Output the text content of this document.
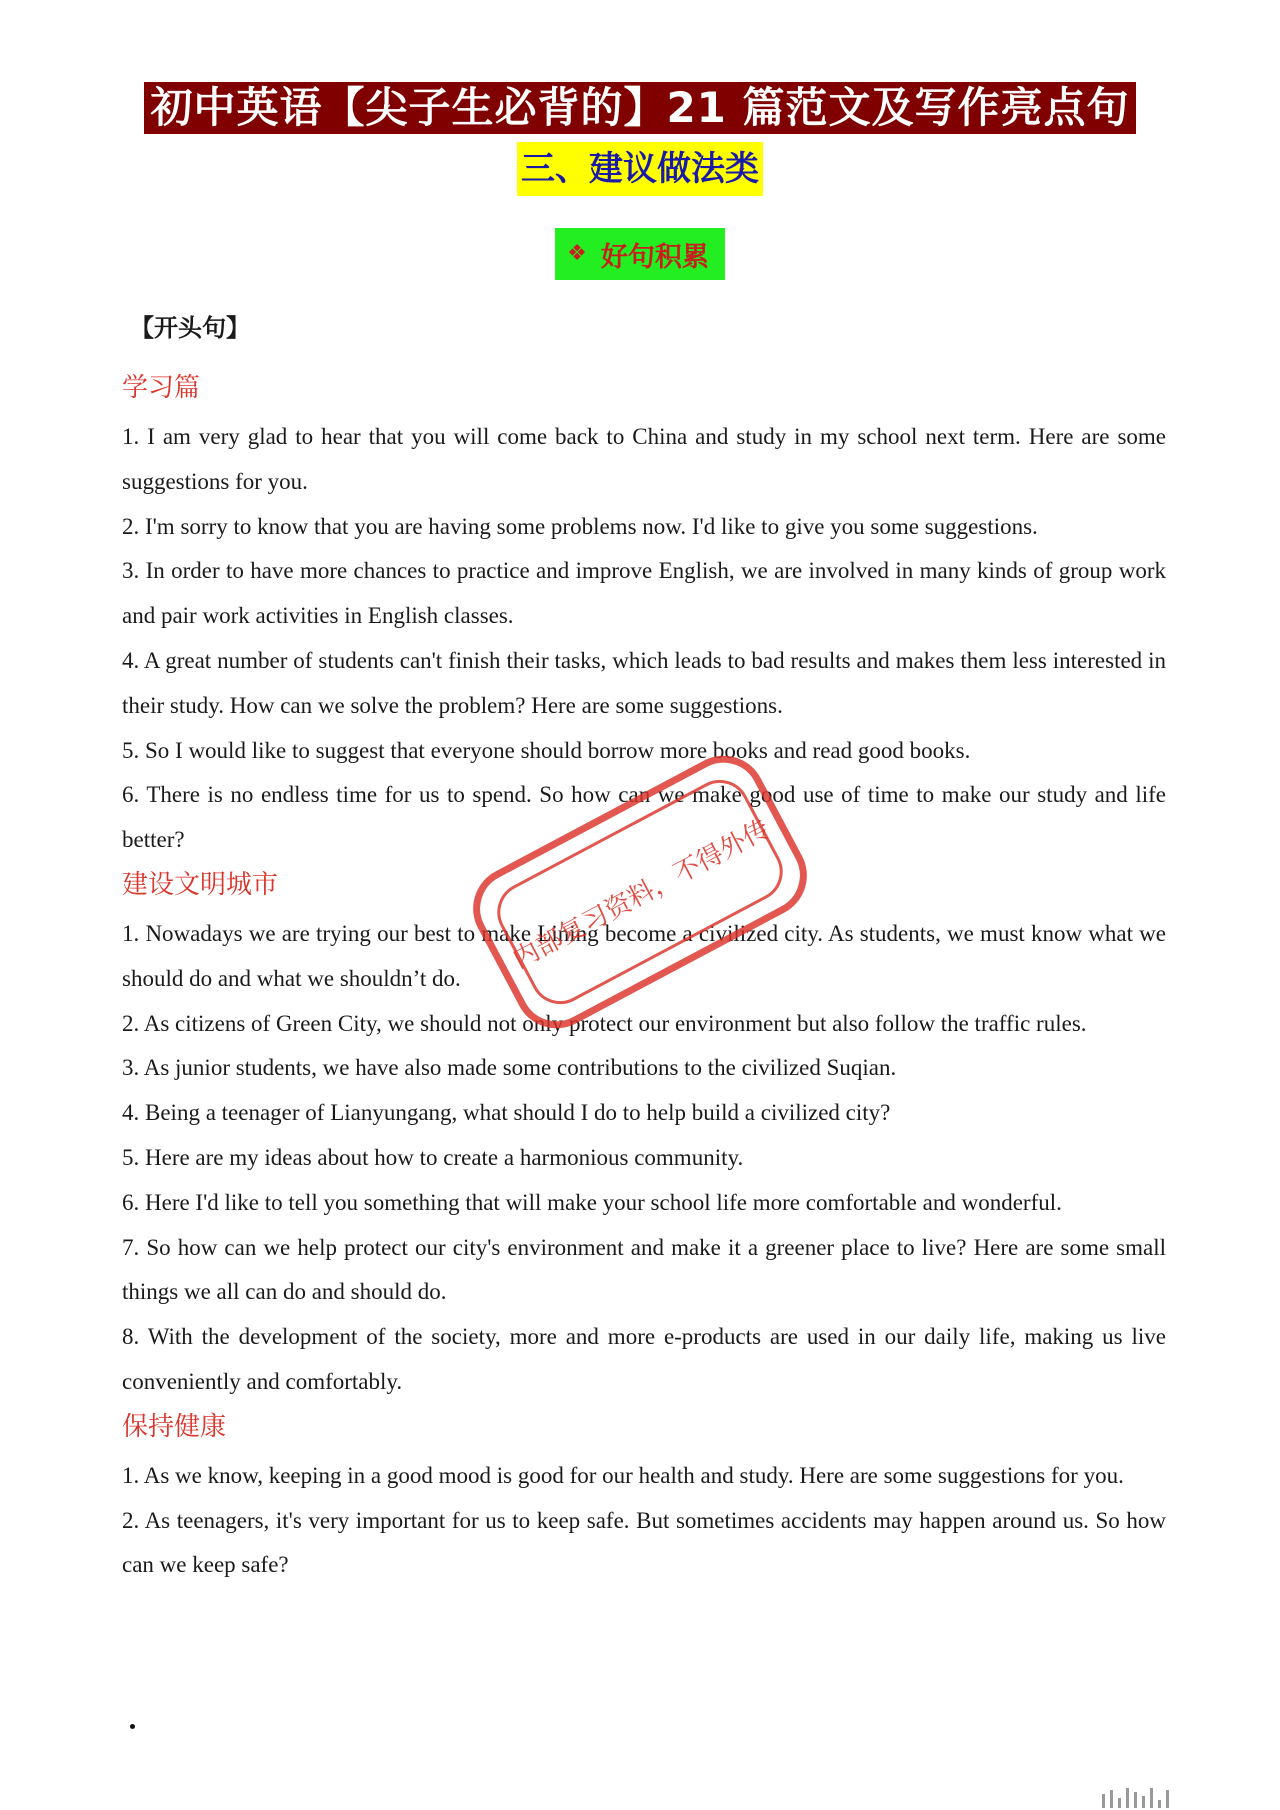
初中英语【尖子生必背的】21 篇范文及写作亮点句
三、建议做法类
❖ 好句积累
【开头句】
学习篇
1. I am very glad to hear that you will come back to China and study in my school next term. Here are some suggestions for you.
2. I'm sorry to know that you are having some problems now. I'd like to give you some suggestions.
3. In order to have more chances to practice and improve English, we are involved in many kinds of group work and pair work activities in English classes.
4. A great number of students can't finish their tasks, which leads to bad results and makes them less interested in their study. How can we solve the problem? Here are some suggestions.
5. So I would like to suggest that everyone should borrow more books and read good books.
6. There is no endless time for us to spend. So how can we make good use of time to make our study and life better?
建设文明城市
1. Nowadays we are trying our best to make Lining become a civilized city. As students, we must know what we should do and what we shouldn’t do.
2. As citizens of Green City, we should not only protect our environment but also follow the traffic rules.
3. As junior students, we have also made some contributions to the civilized Suqian.
4. Being a teenager of Lianyungang, what should I do to help build a civilized city?
5. Here are my ideas about how to create a harmonious community.
6. Here I'd like to tell you something that will make your school life more comfortable and wonderful.
7. So how can we help protect our city's environment and make it a greener place to live? Here are some small things we all can do and should do.
8. With the development of the society, more and more e-products are used in our daily life, making us live conveniently and comfortably.
保持健康
1. As we know, keeping in a good mood is good for our health and study. Here are some suggestions for you.
2. As teenagers, it's very important for us to keep safe. But sometimes accidents may happen around us. So how can we keep safe?
内部复习资料，不得外传
